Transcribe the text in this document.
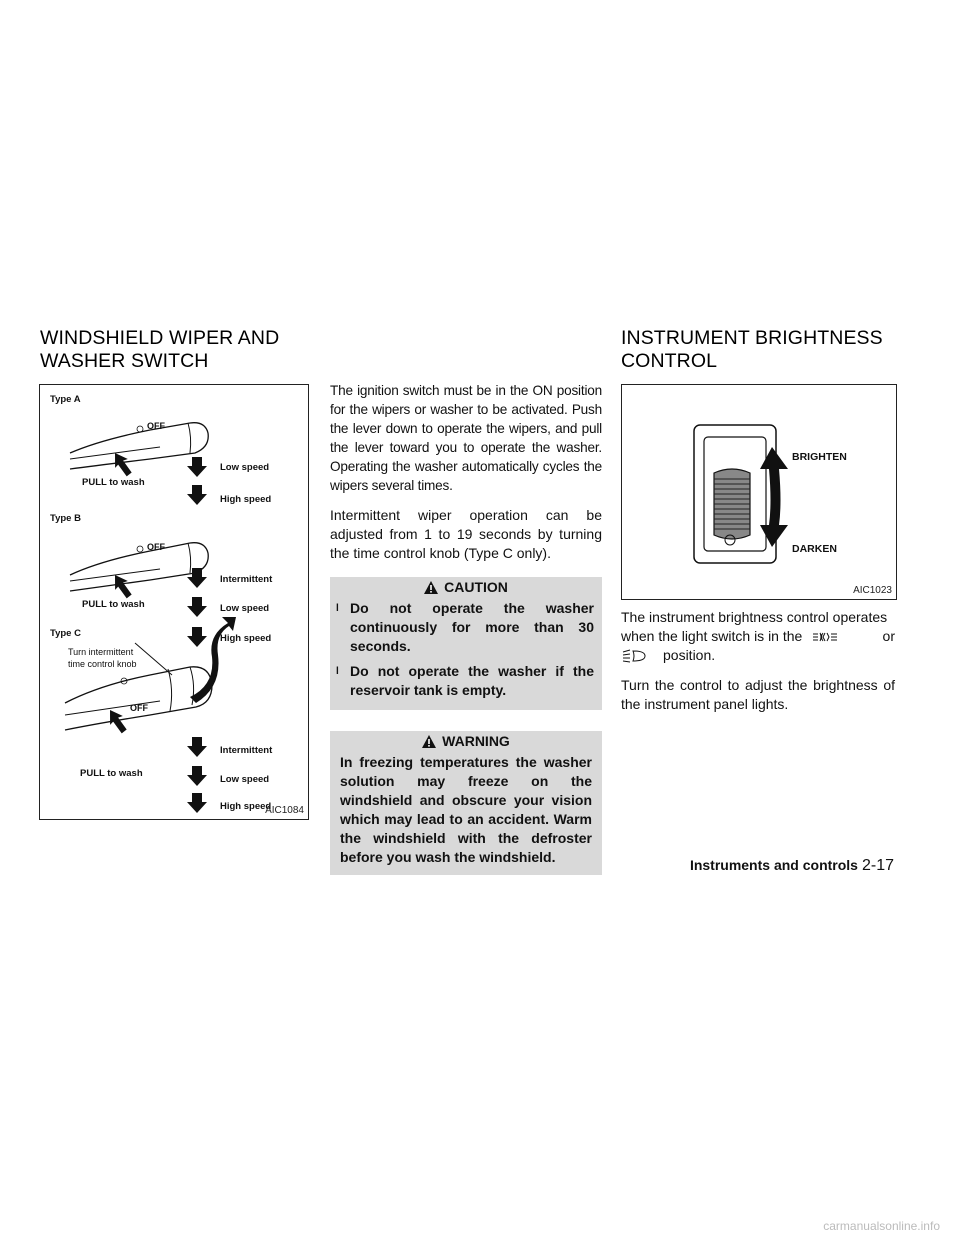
WINDSHIELD WIPER AND
WASHER SWITCH
INSTRUMENT BRIGHTNESS
CONTROL
Type A
OFF
Low speed
PULL to wash
High speed
Type B
OFF
Intermittent
PULL to wash	Low speed
Type C	High speed
Turn intermittent
time control knob
OFF
Intermittent
PULL to wash
Low speed
High speed
AIC1084

The ignition switch must be in the ON position for the wipers or washer to be activated. Push the lever down to operate the wipers, and pull the lever toward you to operate the washer. Operating the washer automatically cycles the wipers several times.

Intermittent wiper operation can be adjusted from 1 to 19 seconds by turning the time control knob (Type C only).

CAUTION
l Do not operate the washer continuously for more than 30 seconds.
l Do not operate the washer if the reservoir tank is empty.
WARNING
In freezing temperatures the washer solution may freeze on the windshield and obscure your vision which may lead to an accident. Warm the windshield with the defroster before you wash the windshield.
BRIGHTEN
DARKEN
AIC1023
The instrument brightness control operates
when the light switch is in the	or
position.

Turn the control to adjust the brightness of the instrument panel lights.

Instruments and controls 2-17
carmanualsonline.info
